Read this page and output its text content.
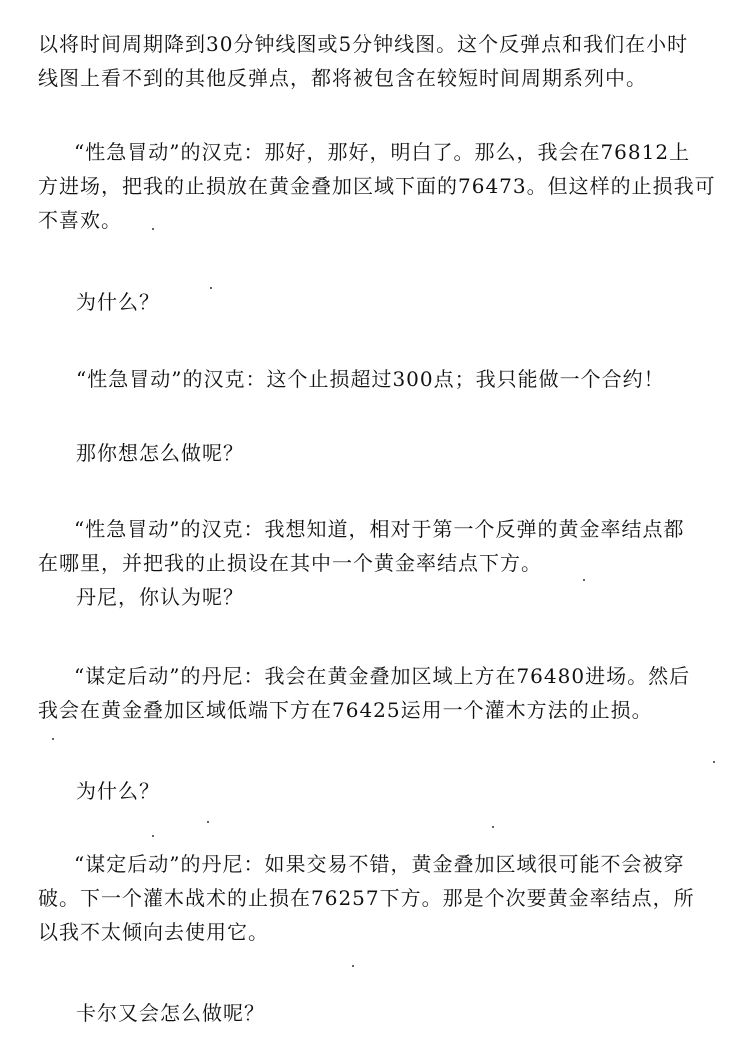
以将时间周期降到30分钟线图或5分钟线图。这个反弹点和我们在小时
线图上看不到的其他反弹点，都将被包含在较短时间周期系列中。
“性急冒动”的汉克：那好，那好，明白了。那么，我会在76812上
方进场，把我的止损放在黄金叠加区域下面的76473。但这样的止损我可
不喜欢。
为什么？
“性急冒动”的汉克：这个止损超过300点；我只能做一个合约！
那你想怎么做呢？
“性急冒动”的汉克：我想知道，相对于第一个反弹的黄金率结点都
在哪里，并把我的止损设在其中一个黄金率结点下方。
丹尼，你认为呢？
“谋定后动”的丹尼：我会在黄金叠加区域上方在76480进场。然后
我会在黄金叠加区域低端下方在76425运用一个灌木方法的止损。
为什么？
“谋定后动”的丹尼：如果交易不错，黄金叠加区域很可能不会被穿
破。下一个灌木战术的止损在76257下方。那是个次要黄金率结点，所
以我不太倾向去使用它。
卡尔又会怎么做呢？
